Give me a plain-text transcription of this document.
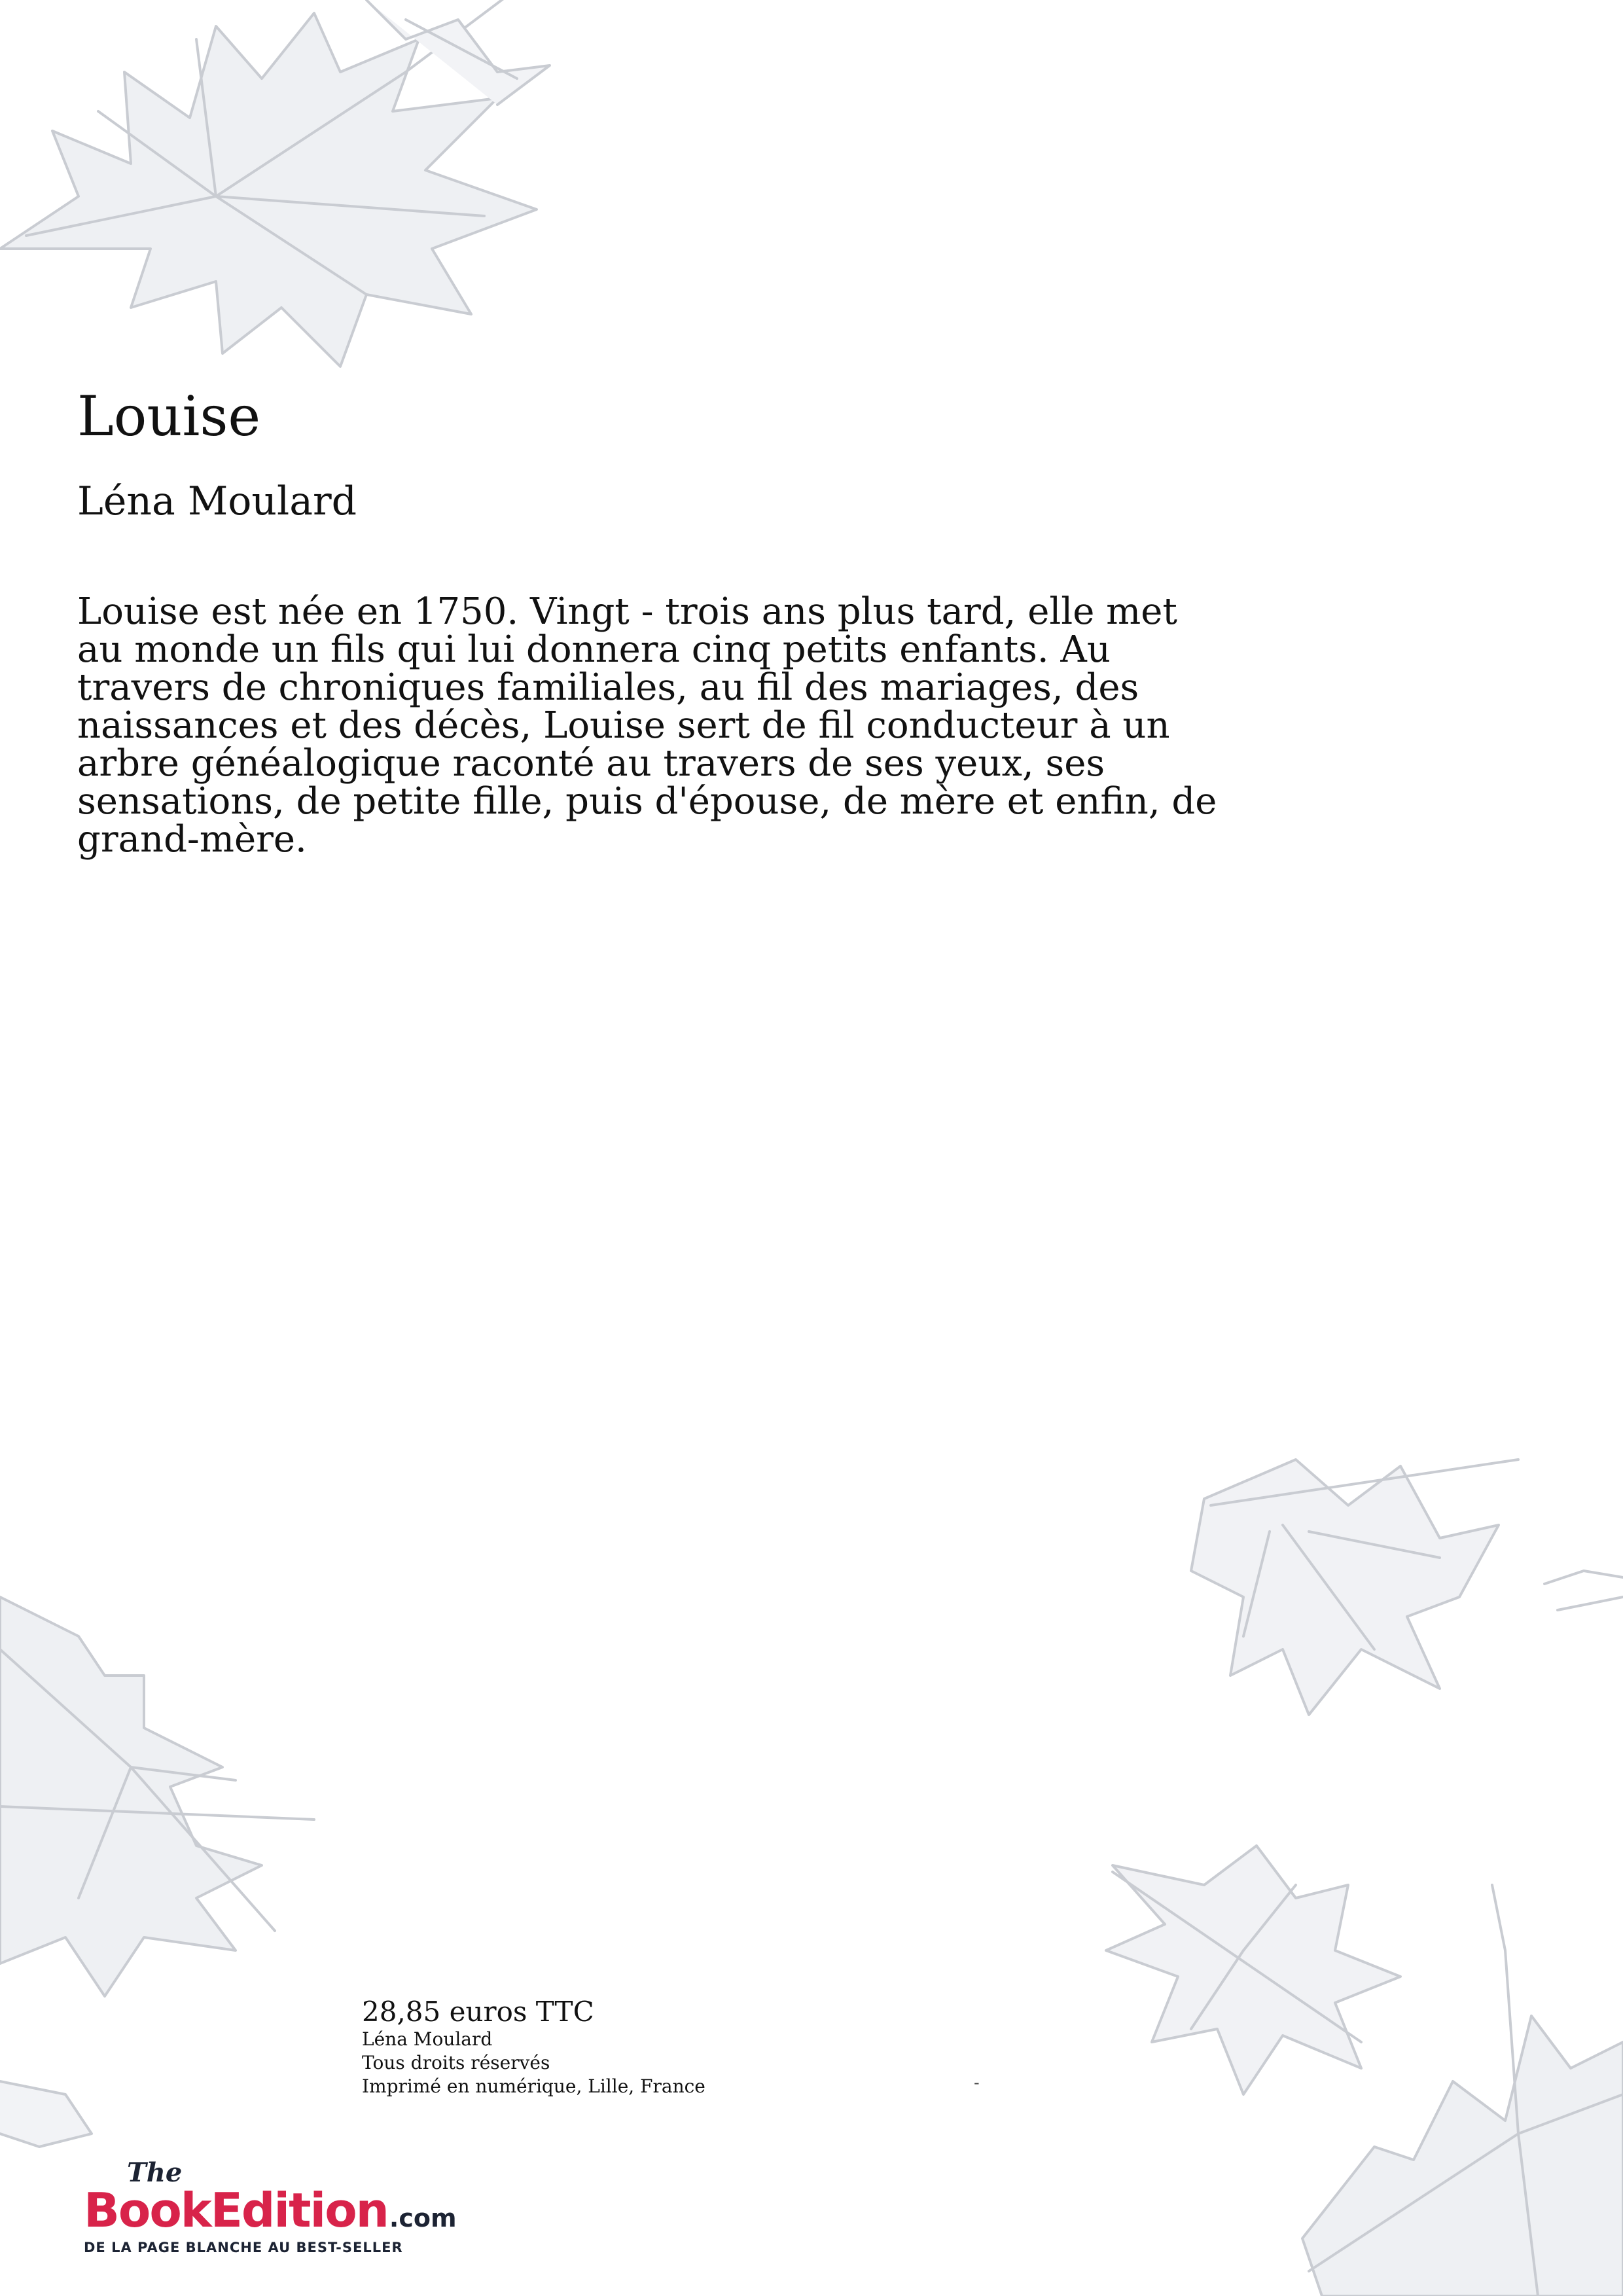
Louise

Léna Moulard

Louise est née en 1750. Vingt - trois ans plus tard, elle met au monde un fils qui lui donnera cinq petits enfants. Au travers de chroniques familiales, au fil des mariages, des naissances et des décès, Louise sert de fil conducteur à un arbre généalogique raconté au travers de ses yeux, ses sensations, de petite fille, puis d'épouse, de mère et enfin, de grand-mère.

28,85 euros TTC
Léna Moulard
Tous droits réservés
Imprimé en numérique, Lille, France	-
The
BookEdition.com
DE LA PAGE BLANCHE AU BEST-SELLER
